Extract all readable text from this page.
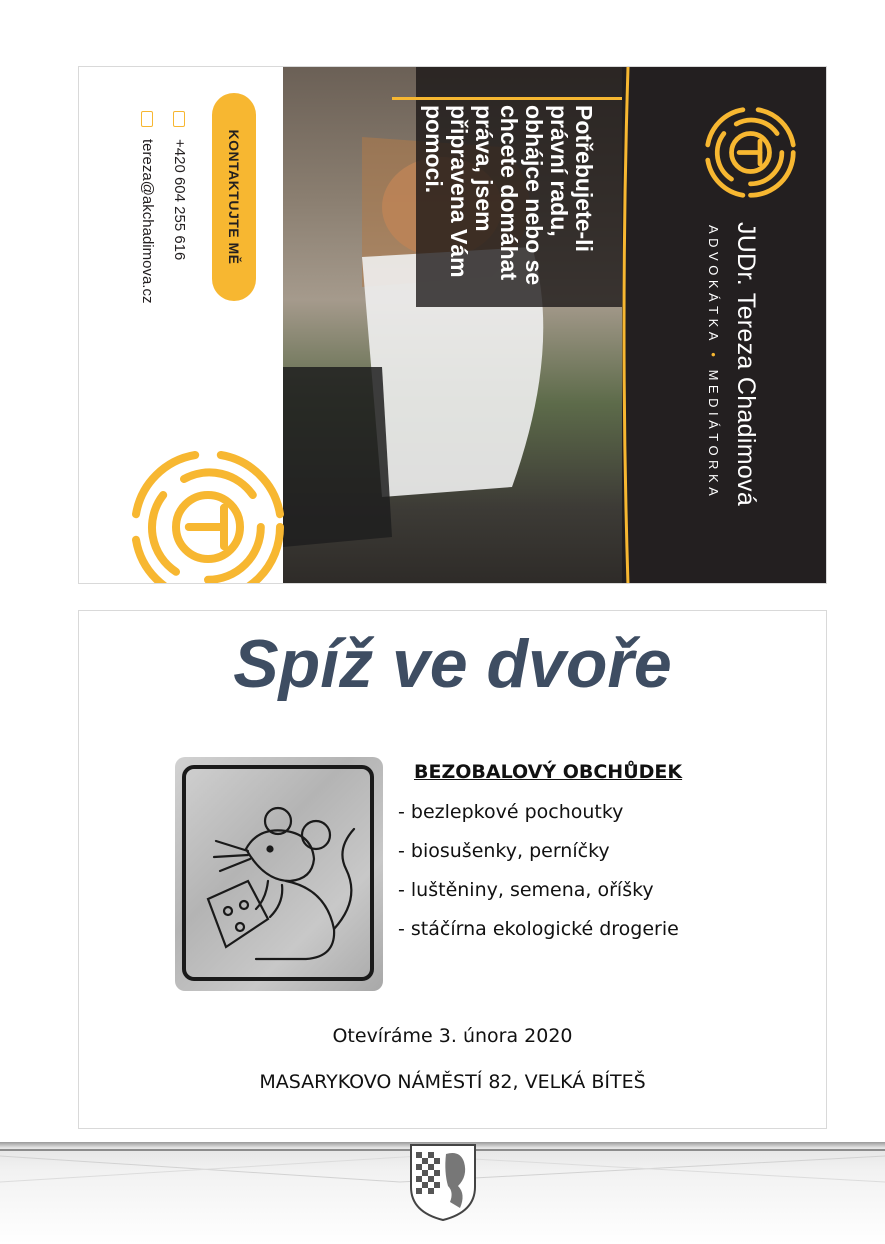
JUDr. Tereza Chadimová
ADVOKÁTKA • MEDIÁTORKA
Potřebujete-li právní radu, obhájce nebo se chcete domáhat práva, jsem připravena Vám pomoci.
KONTAKTUJTE MĚ
+420 604 255 616
tereza@akchadimova.cz
Spíž ve dvoře
BEZOBALOVÝ OBCHŮDEK
- bezlepkové pochoutky
- biosušenky, perníčky
- luštěniny, semena, oříšky
- stáčírna ekologické drogerie
Otevíráme 3. února 2020
MASARYKOVO NÁMĚSTÍ 82, VELKÁ BÍTEŠ
